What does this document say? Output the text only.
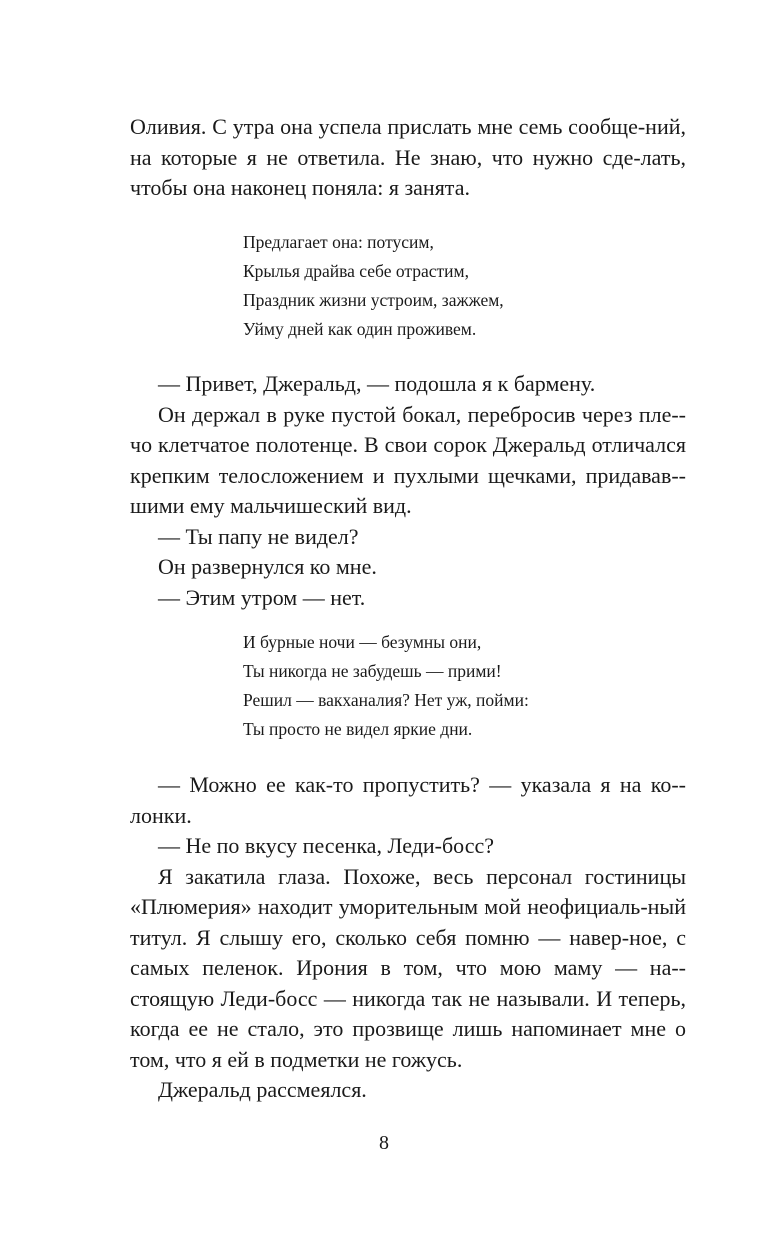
Оливия. С утра она успела прислать мне семь сообще-ний, на которые я не ответила. Не знаю, что нужно сде-лать, чтобы она наконец поняла: я занята.

Предлагает она: потусим,
Крылья драйва себе отрастим,
Праздник жизни устроим, зажжем,
Уйму дней как один проживем.

— Привет, Джеральд, — подошла я к бармену.

Он держал в руке пустой бокал, перебросив через пле-чо клетчатое полотенце. В свои сорок Джеральд отличался крепким телосложением и пухлыми щечками, придавав-шими ему мальчишеский вид.

— Ты папу не видел?

Он развернулся ко мне.

— Этим утром — нет.

И бурные ночи — безумны они,
Ты никогда не забудешь — прими!
Решил — вакханалия? Нет уж, пойми:
Ты просто не видел яркие дни.

— Можно ее как-то пропустить? — указала я на ко-лонки.

— Не по вкусу песенка, Леди-босс?

Я закатила глаза. Похоже, весь персонал гостиницы «Плюмерия» находит уморительным мой неофициаль-ный титул. Я слышу его, сколько себя помню — навер-ное, с самых пеленок. Ирония в том, что мою маму — на-стоящую Леди-босс — никогда так не называли. И теперь, когда ее не стало, это прозвище лишь напоминает мне о том, что я ей в подметки не гожусь.

Джеральд рассмеялся.

8
